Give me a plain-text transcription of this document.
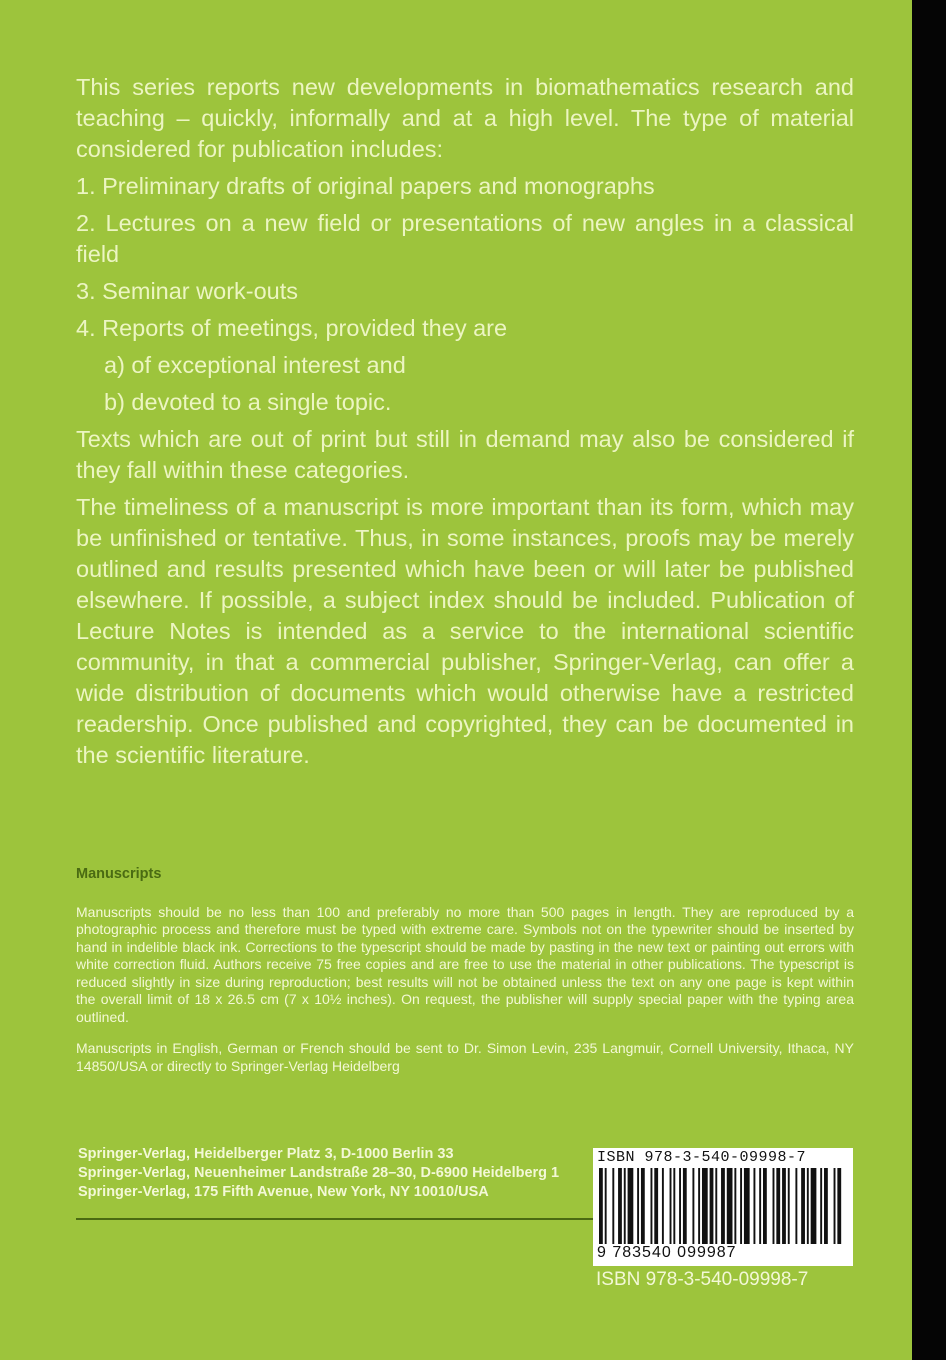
This series reports new developments in biomathematics research and teaching – quickly, informally and at a high level. The type of material considered for publication includes:

1. Preliminary drafts of original papers and monographs
2. Lectures on a new field or presentations of new angles in a classical field
3. Seminar work-outs
4. Reports of meetings, provided they are
a) of exceptional interest and
b) devoted to a single topic.

Texts which are out of print but still in demand may also be considered if they fall within these categories.

The timeliness of a manuscript is more important than its form, which may be unfinished or tentative. Thus, in some instances, proofs may be merely outlined and results presented which have been or will later be published elsewhere. If possible, a subject index should be included. Publication of Lecture Notes is intended as a service to the international scientific community, in that a commercial publisher, Springer-Verlag, can offer a wide distribution of documents which would otherwise have a restricted readership. Once published and copyrighted, they can be documented in the scientific literature.

Manuscripts

Manuscripts should be no less than 100 and preferably no more than 500 pages in length. They are reproduced by a photographic process and therefore must be typed with extreme care. Symbols not on the typewriter should be inserted by hand in indelible black ink. Corrections to the typescript should be made by pasting in the new text or painting out errors with white correction fluid. Authors receive 75 free copies and are free to use the material in other publications. The typescript is reduced slightly in size during reproduction; best results will not be obtained unless the text on any one page is kept within the overall limit of 18 x 26.5 cm (7 x 10½ inches). On request, the publisher will supply special paper with the typing area outlined.

Manuscripts in English, German or French should be sent to Dr. Simon Levin, 235 Langmuir, Cornell University, Ithaca, NY 14850/USA or directly to Springer-Verlag Heidelberg

Springer-Verlag, Heidelberger Platz 3, D-1000 Berlin 33
Springer-Verlag, Neuenheimer Landstraße 28–30, D-6900 Heidelberg 1
Springer-Verlag, 175 Fifth Avenue, New York, NY 10010/USA
ISBN 978-3-540-09998-7
9 783540 099987
ISBN 978-3-540-09998-7
